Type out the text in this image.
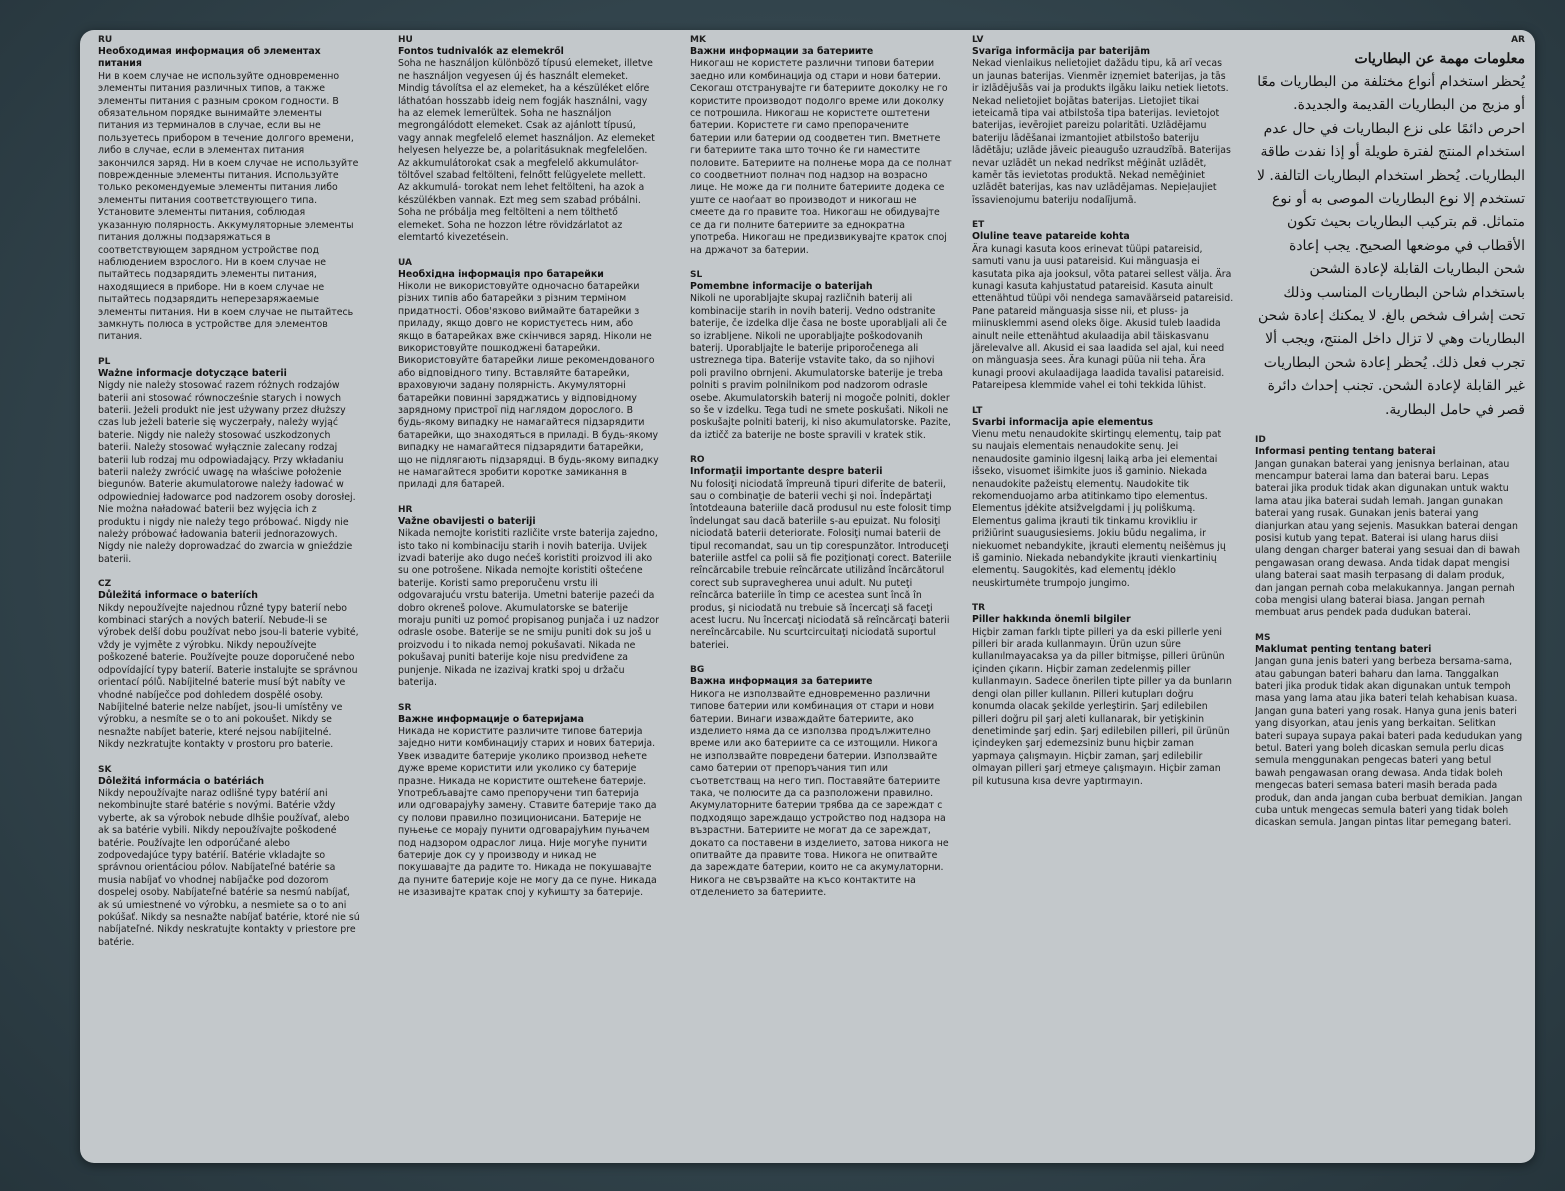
RU
Необходимая информация об элементах питания

Ни в коем случае не используйте одновременно элементы питания различных типов, а также элементы питания с разным сроком годности. В обязательном порядке вынимайте элементы питания из терминалов в случае, если вы не пользуетесь прибором в течение долгого времени, либо в случае, если в элементах питания закончился заряд. Ни в коем случае не используйте поврежденные элементы питания. Используйте только рекомендуемые элементы питания либо элементы питания соответствующего типа. Установите элементы питания, соблюдая указанную полярность. Аккумуляторные элементы питания должны подзаряжаться в соответствующем зарядном устройстве под наблюдением взрослого. Ни в коем случае не пытайтесь подзарядить элементы питания, находящиеся в приборе. Ни в коем случае не пытайтесь подзарядить неперезаряжаемые элементы питания. Ни в коем случае не пытайтесь замкнуть полюса в устройстве для элементов питания.

PL
Ważne informacje dotyczące baterii

Nigdy nie należy stosować razem różnych rodzajów baterii ani stosować równocześnie starych i nowych baterii. Jeżeli produkt nie jest używany przez dłuższy czas lub jeżeli baterie się wyczerpały, należy wyjąć baterie. Nigdy nie należy stosować uszkodzonych baterii. Należy stosować wyłącznie zalecany rodzaj baterii lub rodzaj mu odpowiadający. Przy wkładaniu baterii należy zwrócić uwagę na właściwe położenie biegunów. Baterie akumulatorowe należy ładować w odpowiedniej ładowarce pod nadzorem osoby dorosłej. Nie można naładować baterii bez wyjęcia ich z produktu i nigdy nie należy tego próbować. Nigdy nie należy próbować ładowania baterii jednorazowych. Nigdy nie należy doprowadzać do zwarcia w gnieździe baterii.

CZ
Důležitá informace o bateriích

Nikdy nepoužívejte najednou různé typy baterií nebo kombinaci starých a nových baterií. Nebude-li se výrobek delší dobu používat nebo jsou-li baterie vybité, vždy je vyjměte z výrobku. Nikdy nepoužívejte poškozené baterie. Používejte pouze doporučené nebo odpovídající typy baterií. Baterie instalujte se správnou orientací pólů. Nabíjitelné baterie musí být nabíty ve vhodné nabíječce pod dohledem dospělé osoby. Nabíjitelné baterie nelze nabíjet, jsou-li umístěny ve výrobku, a nesmíte se o to ani pokoušet. Nikdy se nesnažte nabíjet baterie, které nejsou nabíjitelné. Nikdy nezkratujte kontakty v prostoru pro baterie.

SK
Dôležitá informácia o batériách

Nikdy nepoužívajte naraz odlišné typy batérií ani nekombinujte staré batérie s novými. Batérie vždy vyberte, ak sa výrobok nebude dlhšie používať, alebo ak sa batérie vybili. Nikdy nepoužívajte poškodené batérie. Používajte len odporúčané alebo zodpovedajúce typy batérií. Batérie vkladajte so správnou orientáciou pólov. Nabíjateľné batérie sa musia nabíjať vo vhodnej nabíjačke pod dozorom dospelej osoby. Nabíjateľné batérie sa nesmú nabíjať, ak sú umiestnené vo výrobku, a nesmiete sa o to ani pokúšať. Nikdy sa nesnažte nabíjať batérie, ktoré nie sú nabíjateľné. Nikdy neskratujte kontakty v priestore pre batérie.

HU
Fontos tudnivalók az elemekről

Soha ne használjon különböző típusú elemeket, illetve ne használjon vegyesen új és használt elemeket. Mindig távolítsa el az elemeket, ha a készüléket előre láthatóan hosszabb ideig nem fogják használni, vagy ha az elemek lemerültek. Soha ne használjon megrongálódott elemeket. Csak az ajánlott típusú, vagy annak megfelelő elemet használjon. Az elemeket helyesen helyezze be, a polaritásuknak megfelelően. Az akkumulátorokat csak a megfelelő akkumulátor- töltővel szabad feltölteni, felnőtt felügyelete mellett. Az akkumulá- torokat nem lehet feltölteni, ha azok a készülékben vannak. Ezt meg sem szabad próbálni. Soha ne próbálja meg feltölteni a nem tölthető elemeket. Soha ne hozzon létre rövidzárlatot az elemtartó kivezetésein.

UA
Необхідна інформація про батарейки

Ніколи не використовуйте одночасно батарейки різних типів або батарейки з різним терміном придатності. Обов'язково виймайте батарейки з приладу, якщо довго не користуєтесь ним, або якщо в батарейках вже скінчився заряд. Ніколи не використовуйте пошкоджені батарейки. Використовуйте батарейки лише рекомендованого або відповідного типу. Вставляйте батарейки, враховуючи задану полярність. Акумуляторні батарейки повинні заряджатись у відповідному зарядному пристрої під наглядом дорослого. В будь-якому випадку не намагайтеся підзарядити батарейки, що знаходяться в приладі. В будь-якому випадку не намагайтеся підзарядити батарейки, що не підлягають підзарядці. В будь-якому випадку не намагайтеся зробити коротке замикання в приладі для батарей.

HR
Važne obavijesti o bateriji

Nikada nemojte koristiti različite vrste baterija zajedno, isto tako ni kombinaciju starih i novih baterija. Uvijek izvadi baterije ako dugo nećeš koristiti proizvod ili ako su one potrošene. Nikada nemojte koristiti oštećene baterije. Koristi samo preporučenu vrstu ili odgovarajuću vrstu baterija. Umetni baterije pazeći da dobro okreneš polove. Akumulatorske se baterije moraju puniti uz pomoć propisanog punjača i uz nadzor odrasle osobe. Baterije se ne smiju puniti dok su još u proizvodu i to nikada nemoj pokušavati. Nikada ne pokušavaj puniti baterije koje nisu predviđene za punjenje. Nikada ne izazivaj kratki spoj u držaču baterija.

SR
Важне информације о батеријама

Никада не користите различите типове батерија заједно нити комбинацију старих и нових батерија. Увек извадите батерије уколико производ нећете дуже време користити или уколико су батерије празне. Никада не користите оштећене батерије. Употребљавајте само препоручени тип батерија или одговарајућу замену. Ставите батерије тако да су полови правилно позиционисани. Батерије не пуњење се морају пунити одговарајућим пуњачем под надзором одраслог лица. Није могуће пунити батерије док су у производу и никад не покушавајте да радите то. Никада не покушавајте да пуните батерије које не могу да се пуне. Никада не изазивајте кратак спој у кућишту за батерије.

MK
Важни информации за батериите

Никогаш не користете различни типови батерии заедно или комбинација од стари и нови батерии. Секогаш отстранувајте ги батериите доколку не го користите производот подолго време или доколку се потрошила. Никогаш не користете оштетени батерии. Користете ги само препорачените батерии или батерии од соодветен тип. Вметнете ги батериите така што точно ќе ги наместите половите. Батериите на полнење мора да се полнат со соодветниот полнач под надзор на возрасно лице. Не може да ги полните батериите додека се уште се наоѓаат во производот и никогаш не смеете да го правите тоа. Никогаш не обидувајте се да ги полните батериите за еднократна употреба. Никогаш не предизвикувајте краток спој на држачот за батерии.

SL
Pomembne informacije o baterijah

Nikoli ne uporabljajte skupaj različnih baterij ali kombinacije starih in novih baterij. Vedno odstranite baterije, če izdelka dlje časa ne boste uporabljali ali če so izrabljene. Nikoli ne uporabljajte poškodovanih baterij. Uporabljajte le baterije priporočenega ali ustreznega tipa. Baterije vstavite tako, da so njihovi poli pravilno obrnjeni. Akumulatorske baterije je treba polniti s pravim polnilnikom pod nadzorom odrasle osebe. Akumulatorskih baterij ni mogoče polniti, dokler so še v izdelku. Tega tudi ne smete poskušati. Nikoli ne poskušajte polniti baterij, ki niso akumulatorske. Pazite, da iztičč za baterije ne boste spravili v kratek stik.

RO
Informaţii importante despre baterii

Nu folosiţi niciodată împreună tipuri diferite de baterii, sau o combinaţie de baterii vechi şi noi. Îndepărtaţi întotdeauna bateriile dacă produsul nu este folosit timp îndelungat sau dacă bateriile s-au epuizat. Nu folosiţi niciodată baterii deteriorate. Folosiţi numai baterii de tipul recomandat, sau un tip corespunzător. Introduceţi bateriile astfel ca polii să fie poziţionaţi corect. Bateriile reîncărcabile trebuie reîncărcate utilizând încărcătorul corect sub supravegherea unui adult. Nu puteţi reîncărca bateriile în timp ce acestea sunt încă în produs, şi niciodată nu trebuie să încercaţi să faceţi acest lucru. Nu încercaţi niciodată să reîncărcaţi baterii nereîncărcabile. Nu scurtcircuitaţi niciodată suportul bateriei.

BG
Важна информация за батериите

Никога не използвайте едновременно различни типове батерии или комбинация от стари и нови батерии. Винаги изваждайте батериите, ако изделието няма да се използва продължително време или ако батериите са се изтощили. Никога не използвайте повредени батерии. Използвайте само батерии от препоръчания тип или съответстващ на него тип. Поставяйте батериите така, че полюсите да са разположени правилно. Акумулаторните батерии трябва да се зареждат с подходящо зареждащо устройство под надзора на възрастни. Батериите не могат да се зареждат, докато са поставени в изделието, затова никога не опитвайте да правите това. Никога не опитвайте да зареждате батерии, които не са акумулаторни. Никога не свързвайте на късо контактите на отделението за батериите.

LV
Svarīga informācija par baterijām

Nekad vienlaikus nelietojiet dažādu tipu, kā arī vecas un jaunas baterijas. Vienmēr izņemiet baterijas, ja tās ir izlādējušās vai ja produkts ilgāku laiku netiek lietots. Nekad nelietojiet bojātas baterijas. Lietojiet tikai ieteicamā tipa vai atbilstoša tipa baterijas. Ievietojot baterijas, ievērojiet pareizu polaritāti. Uzlādējamu bateriju lādēšanai izmantojiet atbilstošo bateriju lādētāju; uzlāde jāveic pieaugušo uzraudzībā. Baterijas nevar uzlādēt un nekad nedrīkst mēģināt uzlādēt, kamēr tās ievietotas produktā. Nekad nemēģiniet uzlādēt baterijas, kas nav uzlādējamas. Nepieļaujiet īssavienojumu bateriju nodalījumā.

ET
Oluline teave patareide kohta

Ära kunagi kasuta koos erinevat tüüpi patareisid, samuti vanu ja uusi patareisid. Kui mänguasja ei kasutata pika aja jooksul, võta patarei sellest välja. Ära kunagi kasuta kahjustatud patareisid. Kasuta ainult ettenähtud tüüpi või nendega samaväärseid patareisid. Pane patareid mänguasja sisse nii, et pluss- ja miinusklemmi asend oleks õige. Akusid tuleb laadida ainult neile ettenähtud akulaadija abil täiskasvanu järelevalve all. Akusid ei saa laadida sel ajal, kui need on mänguasja sees. Ära kunagi püüa nii teha. Ära kunagi proovi akulaadijaga laadida tavalisi patareisid. Patareipesa klemmide vahel ei tohi tekkida lühist.

LT
Svarbi informacija apie elementus

Vienu metu nenaudokite skirtingų elementų, taip pat su naujais elementais nenaudokite senų. Jei nenaudosite gaminio ilgesnį laiką arba jei elementai išseko, visuomet išimkite juos iš gaminio. Niekada nenaudokite pažeistų elementų. Naudokite tik rekomenduojamo arba atitinkamo tipo elementus. Elementus įdėkite atsižvelgdami į jų poliškumą. Elementus galima įkrauti tik tinkamu krovikliu ir prižiūrint suaugusiesiems. Jokiu būdu negalima, ir niekuomet nebandykite, įkrauti elementų neišėmus jų iš gaminio. Niekada nebandykite įkrauti vienkartinių elementų. Saugokitės, kad elementų įdėklo neuskirtumėte trumpojo jungimo.

TR
Piller hakkında önemli bilgiler

Hiçbir zaman farklı tipte pilleri ya da eski pillerle yeni pilleri bir arada kullanmayın. Ürün uzun süre kullanılmayacaksa ya da piller bitmişse, pilleri ürünün içinden çıkarın. Hiçbir zaman zedelenmiş piller kullanmayın. Sadece önerilen tipte piller ya da bunların dengi olan piller kullanın. Pilleri kutupları doğru konumda olacak şekilde yerleştirin. Şarj edilebilen pilleri doğru pil şarj aleti kullanarak, bir yetişkinin denetiminde şarj edin. Şarj edilebilen pilleri, pil ürünün içindeyken şarj edemezsiniz bunu hiçbir zaman yapmaya çalışmayın. Hiçbir zaman, şarj edilebilir olmayan pilleri şarj etmeye çalışmayın. Hiçbir zaman pil kutusuna kısa devre yaptırmayın.

AR
معلومات مهمة عن البطاريات

يُحظر استخدام أنواع مختلفة من البطاريات معًا أو مزيج من البطاريات القديمة والجديدة. احرص دائمًا على نزع البطاريات في حال عدم استخدام المنتج لفترة طويلة أو إذا نفدت طاقة البطاريات. يُحظر استخدام البطاريات التالفة. لا تستخدم إلا نوع البطاريات الموصى به أو نوع متماثل. قم بتركيب البطاريات بحيث تكون الأقطاب في موضعها الصحيح. يجب إعادة شحن البطاريات القابلة لإعادة الشحن باستخدام شاحن البطاريات المناسب وذلك تحت إشراف شخص بالغ. لا يمكنك إعادة شحن البطاريات وهي لا تزال داخل المنتج، ويجب ألا تجرب فعل ذلك. يُحظر إعادة شحن البطاريات غير القابلة لإعادة الشحن. تجنب إحداث دائرة قصر في حامل البطارية.

ID
Informasi penting tentang baterai

Jangan gunakan baterai yang jenisnya berlainan, atau mencampur baterai lama dan baterai baru. Lepas baterai jika produk tidak akan digunakan untuk waktu lama atau jika baterai sudah lemah. Jangan gunakan baterai yang rusak. Gunakan jenis baterai yang dianjurkan atau yang sejenis. Masukkan baterai dengan posisi kutub yang tepat. Baterai isi ulang harus diisi ulang dengan charger baterai yang sesuai dan di bawah pengawasan orang dewasa. Anda tidak dapat mengisi ulang baterai saat masih terpasang di dalam produk, dan jangan pernah coba melakukannya. Jangan pernah coba mengisi ulang baterai biasa. Jangan pernah membuat arus pendek pada dudukan baterai.

MS
Maklumat penting tentang bateri

Jangan guna jenis bateri yang berbeza bersama-sama, atau gabungan bateri baharu dan lama. Tanggalkan bateri jika produk tidak akan digunakan untuk tempoh masa yang lama atau jika bateri telah kehabisan kuasa. Jangan guna bateri yang rosak. Hanya guna jenis bateri yang disyorkan, atau jenis yang berkaitan. Selitkan bateri supaya supaya pakai bateri pada kedudukan yang betul. Bateri yang boleh dicaskan semula perlu dicas semula menggunakan pengecas bateri yang betul bawah pengawasan orang dewasa. Anda tidak boleh mengecas bateri semasa bateri masih berada pada produk, dan anda jangan cuba berbuat demikian. Jangan cuba untuk mengecas semula bateri yang tidak boleh dicaskan semula. Jangan pintas litar pemegang bateri.
